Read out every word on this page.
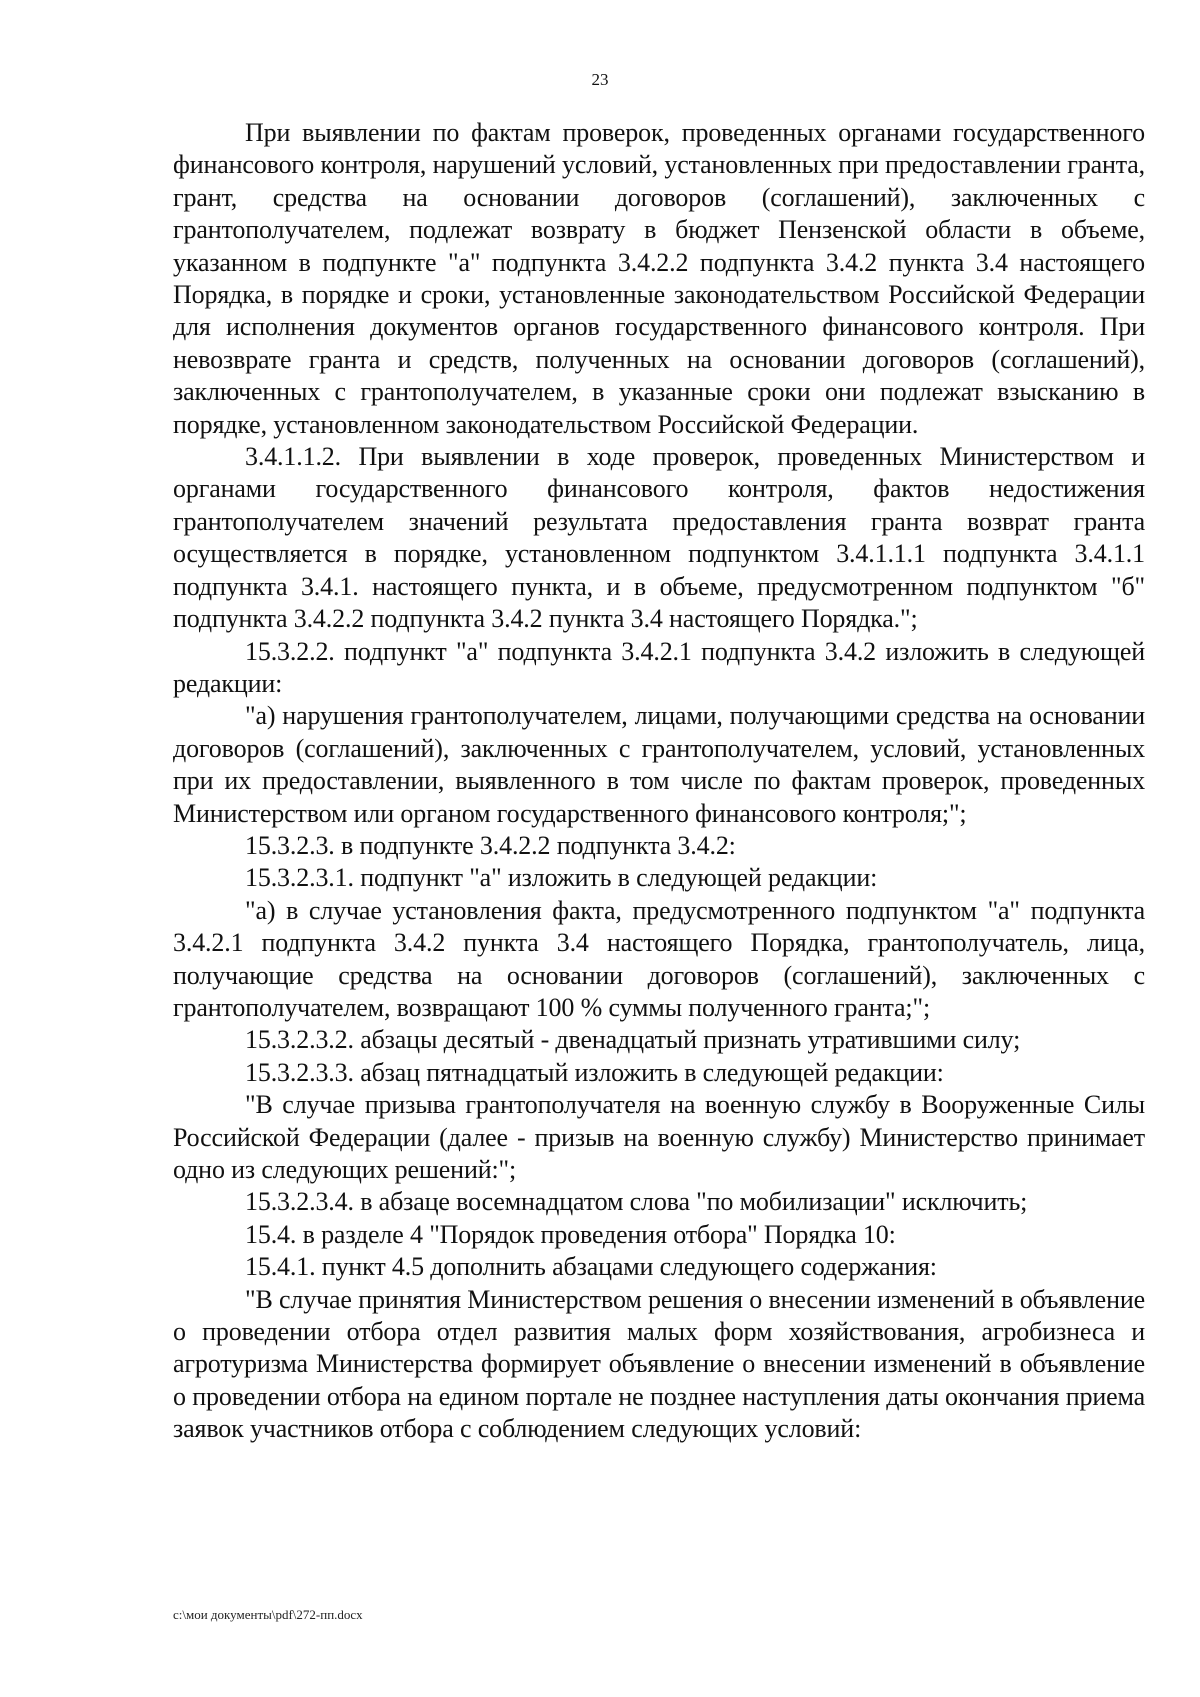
23

При выявлении по фактам проверок, проведенных органами государственного финансового контроля, нарушений условий, установленных при предоставлении гранта, грант, средства на основании договоров (соглашений), заключенных с грантополучателем, подлежат возврату в бюджет Пензенской области в объеме, указанном в подпункте "а" подпункта 3.4.2.2 подпункта 3.4.2 пункта 3.4 настоящего Порядка, в порядке и сроки, установленные законодательством Российской Федерации для исполнения документов органов государственного финансового контроля. При невозврате гранта и средств, полученных на основании договоров (соглашений), заключенных с грантополучателем, в указанные сроки они подлежат взысканию в порядке, установленном законодательством Российской Федерации.

3.4.1.1.2. При выявлении в ходе проверок, проведенных Министерством и органами государственного финансового контроля, фактов недостижения грантополучателем значений результата предоставления гранта возврат гранта осуществляется в порядке, установленном подпунктом 3.4.1.1.1 подпункта 3.4.1.1 подпункта 3.4.1. настоящего пункта, и в объеме, предусмотренном подпунктом "б" подпункта 3.4.2.2 подпункта 3.4.2 пункта 3.4 настоящего Порядка.";

15.3.2.2. подпункт "а" подпункта 3.4.2.1 подпункта 3.4.2 изложить в следующей редакции:

"а) нарушения грантополучателем, лицами, получающими средства на основании договоров (соглашений), заключенных с грантополучателем, условий, установленных при их предоставлении, выявленного в том числе по фактам проверок, проведенных Министерством или органом государственного финансового контроля;";

15.3.2.3. в подпункте 3.4.2.2 подпункта 3.4.2:

15.3.2.3.1. подпункт "а" изложить в следующей редакции:

"а) в случае установления факта, предусмотренного подпунктом "а" подпункта 3.4.2.1 подпункта 3.4.2 пункта 3.4 настоящего Порядка, грантополучатель, лица, получающие средства на основании договоров (соглашений), заключенных с грантополучателем, возвращают 100 % суммы полученного гранта;";

15.3.2.3.2. абзацы десятый - двенадцатый признать утратившими силу;

15.3.2.3.3. абзац пятнадцатый изложить в следующей редакции:

"В случае призыва грантополучателя на военную службу в Вооруженные Силы Российской Федерации (далее - призыв на военную службу) Министерство принимает одно из следующих решений:";

15.3.2.3.4. в абзаце восемнадцатом слова "по мобилизации" исключить;

15.4. в разделе 4 "Порядок проведения отбора" Порядка 10:

15.4.1. пункт 4.5 дополнить абзацами следующего содержания:

"В случае принятия Министерством решения о внесении изменений в объявление о проведении отбора отдел развития малых форм хозяйствования, агробизнеса и агротуризма Министерства формирует объявление о внесении изменений в объявление о проведении отбора на едином портале не позднее наступления даты окончания приема заявок участников отбора с соблюдением следующих условий:

c:\мои документы\pdf\272-пп.docx
